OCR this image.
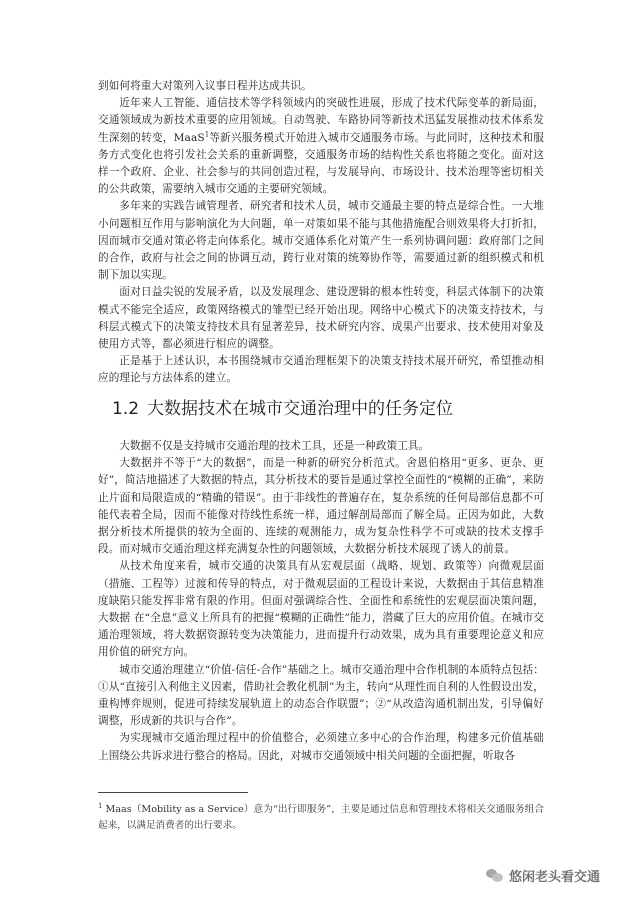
到如何将重大对策列入议事日程并达成共识。

近年来人工智能、通信技术等学科领域内的突破性进展，形成了技术代际变革的新局面，交通领域成为新技术重要的应用领域。自动驾驶、车路协同等新技术迅猛发展推动技术体系发生深刻的转变，MaaS$^1$等新兴服务模式开始进入城市交通服务市场。与此同时，这种技术和服务方式变化也将引发社会关系的重新调整，交通服务市场的结构性关系也将随之变化。面对这样一个政府、企业、社会参与的共同创造过程，与发展导向、市场设计、技术治理等密切相关的公共政策，需要纳入城市交通的主要研究领域。

多年来的实践告诫管理者、研究者和技术人员，城市交通最主要的特点是综合性。一大堆小问题相互作用与影响演化为大问题，单一对策如果不能与其他措施配合则效果将大打折扣，因而城市交通对策必将走向体系化。城市交通体系化对策产生一系列协调问题：政府部门之间的合作，政府与社会之间的协调互动，跨行业对策的统筹协作等，需要通过新的组织模式和机制下加以实现。

面对日益尖锐的发展矛盾，以及发展理念、建设逻辑的根本性转变，科层式体制下的决策模式不能完全适应，政策网络模式的雏型已经开始出现。网络中心模式下的决策支持技术，与科层式模式下的决策支持技术具有显著差异，技术研究内容、成果产出要求、技术使用对象及使用方式等，都必须进行相应的调整。

正是基于上述认识，本书围绕城市交通治理框架下的决策支持技术展开研究，希望推动相应的理论与方法体系的建立。

1.2 大数据技术在城市交通治理中的任务定位

大数据不仅是支持城市交通治理的技术工具，还是一种政策工具。

大数据并不等于“大的数据”，而是一种新的研究分析范式。舍恩伯格用“更多、更杂、更好”，简洁地描述了大数据的特点，其分析技术的要旨是通过掌控全面性的“模糊的正确”，来防止片面和局限造成的“精确的错误”。由于非线性的普遍存在，复杂系统的任何局部信息都不可能代表着全局，因而不能像对待线性系统一样，通过解剖局部而了解全局。正因为如此，大数据分析技术所提供的较为全面的、连续的观测能力，成为复杂性科学不可或缺的技术支撑手段。而对城市交通治理这样充满复杂性的问题领域，大数据分析技术展现了诱人的前景。

从技术角度来看，城市交通的决策具有从宏观层面（战略、规划、政策等）向微观层面（措施、工程等）过渡和传导的特点，对于微观层面的工程设计来说，大数据由于其信息精准度缺陷只能发挥非常有限的作用。但面对强调综合性、全面性和系统性的宏观层面决策问题，大数据 在“全息”意义上所具有的把握“模糊的正确性”能力，潜藏了巨大的应用价值。在城市交通治理领域，将大数据资源转变为决策能力，进而提升行动效果，成为具有重要理论意义和应用价值的研究方向。

城市交通治理建立“价值-信任-合作”基础之上。城市交通治理中合作机制的本质特点包括：①从“直接引入利他主义因素，借助社会教化机制”为主，转向“从理性而自利的人性假设出发，重构博弈规则，促进可持续发展轨道上的动态合作联盟”；②“从改造沟通机制出发，引导偏好调整，形成新的共识与合作”。

为实现城市交通治理过程中的价值整合，必须建立多中心的合作治理，构建多元价值基础上围绕公共诉求进行整合的格局。因此，对城市交通领域中相关问题的全面把握，听取各

$^1$ Maas（Mobility as a Service）意为“出行即服务”，主要是通过信息和管理技术将相关交通服务组合起来，以满足消费者的出行要求。
悠闲老头看交通
